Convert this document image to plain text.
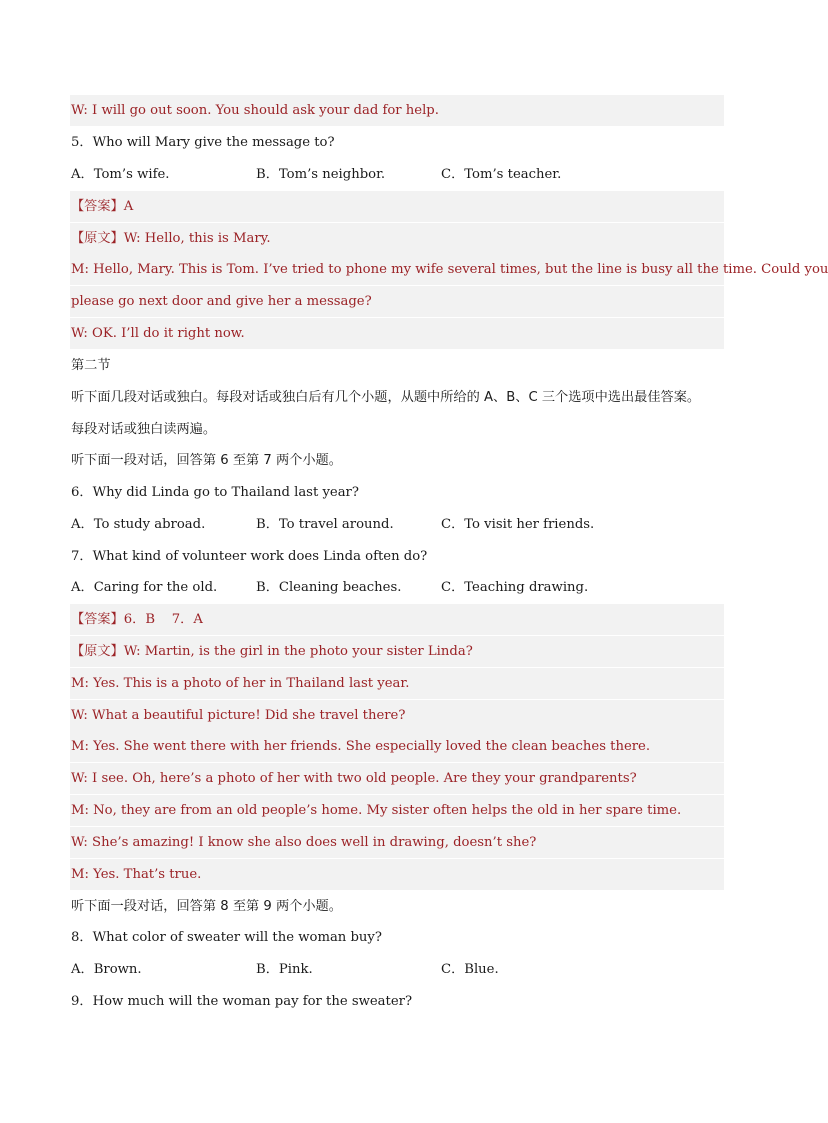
W: I will go out soon. You should ask your dad for help.
5．Who will Mary give the message to?
A．Tom’s wife.	B．Tom’s neighbor.	C．Tom’s teacher.
【答案】A
【原文】W: Hello, this is Mary.
M: Hello, Mary. This is Tom. I’ve tried to phone my wife several times, but the line is busy all the time. Could you
please go next door and give her a message?
W: OK. I’ll do it right now.
第二节
听下面几段对话或独白。每段对话或独白后有几个小题，从题中所给的 A、B、C 三个选项中选出最佳答案。
每段对话或独白读两遍。
听下面一段对话，回答第 6 至第 7 两个小题。
6．Why did Linda go to Thailand last year?
A．To study abroad.	B．To travel around.	C．To visit her friends.
7．What kind of volunteer work does Linda often do?
A．Caring for the old.	B．Cleaning beaches.	C．Teaching drawing.
【答案】6．B    7．A
【原文】W: Martin, is the girl in the photo your sister Linda?
M: Yes. This is a photo of her in Thailand last year.
W: What a beautiful picture! Did she travel there?
M: Yes. She went there with her friends. She especially loved the clean beaches there.
W: I see. Oh, here’s a photo of her with two old people. Are they your grandparents?
M: No, they are from an old people’s home. My sister often helps the old in her spare time.
W: She’s amazing! I know she also does well in drawing, doesn’t she?
M: Yes. That’s true.
听下面一段对话，回答第 8 至第 9 两个小题。
8．What color of sweater will the woman buy?
A．Brown.	B．Pink.	C．Blue.
9．How much will the woman pay for the sweater?
